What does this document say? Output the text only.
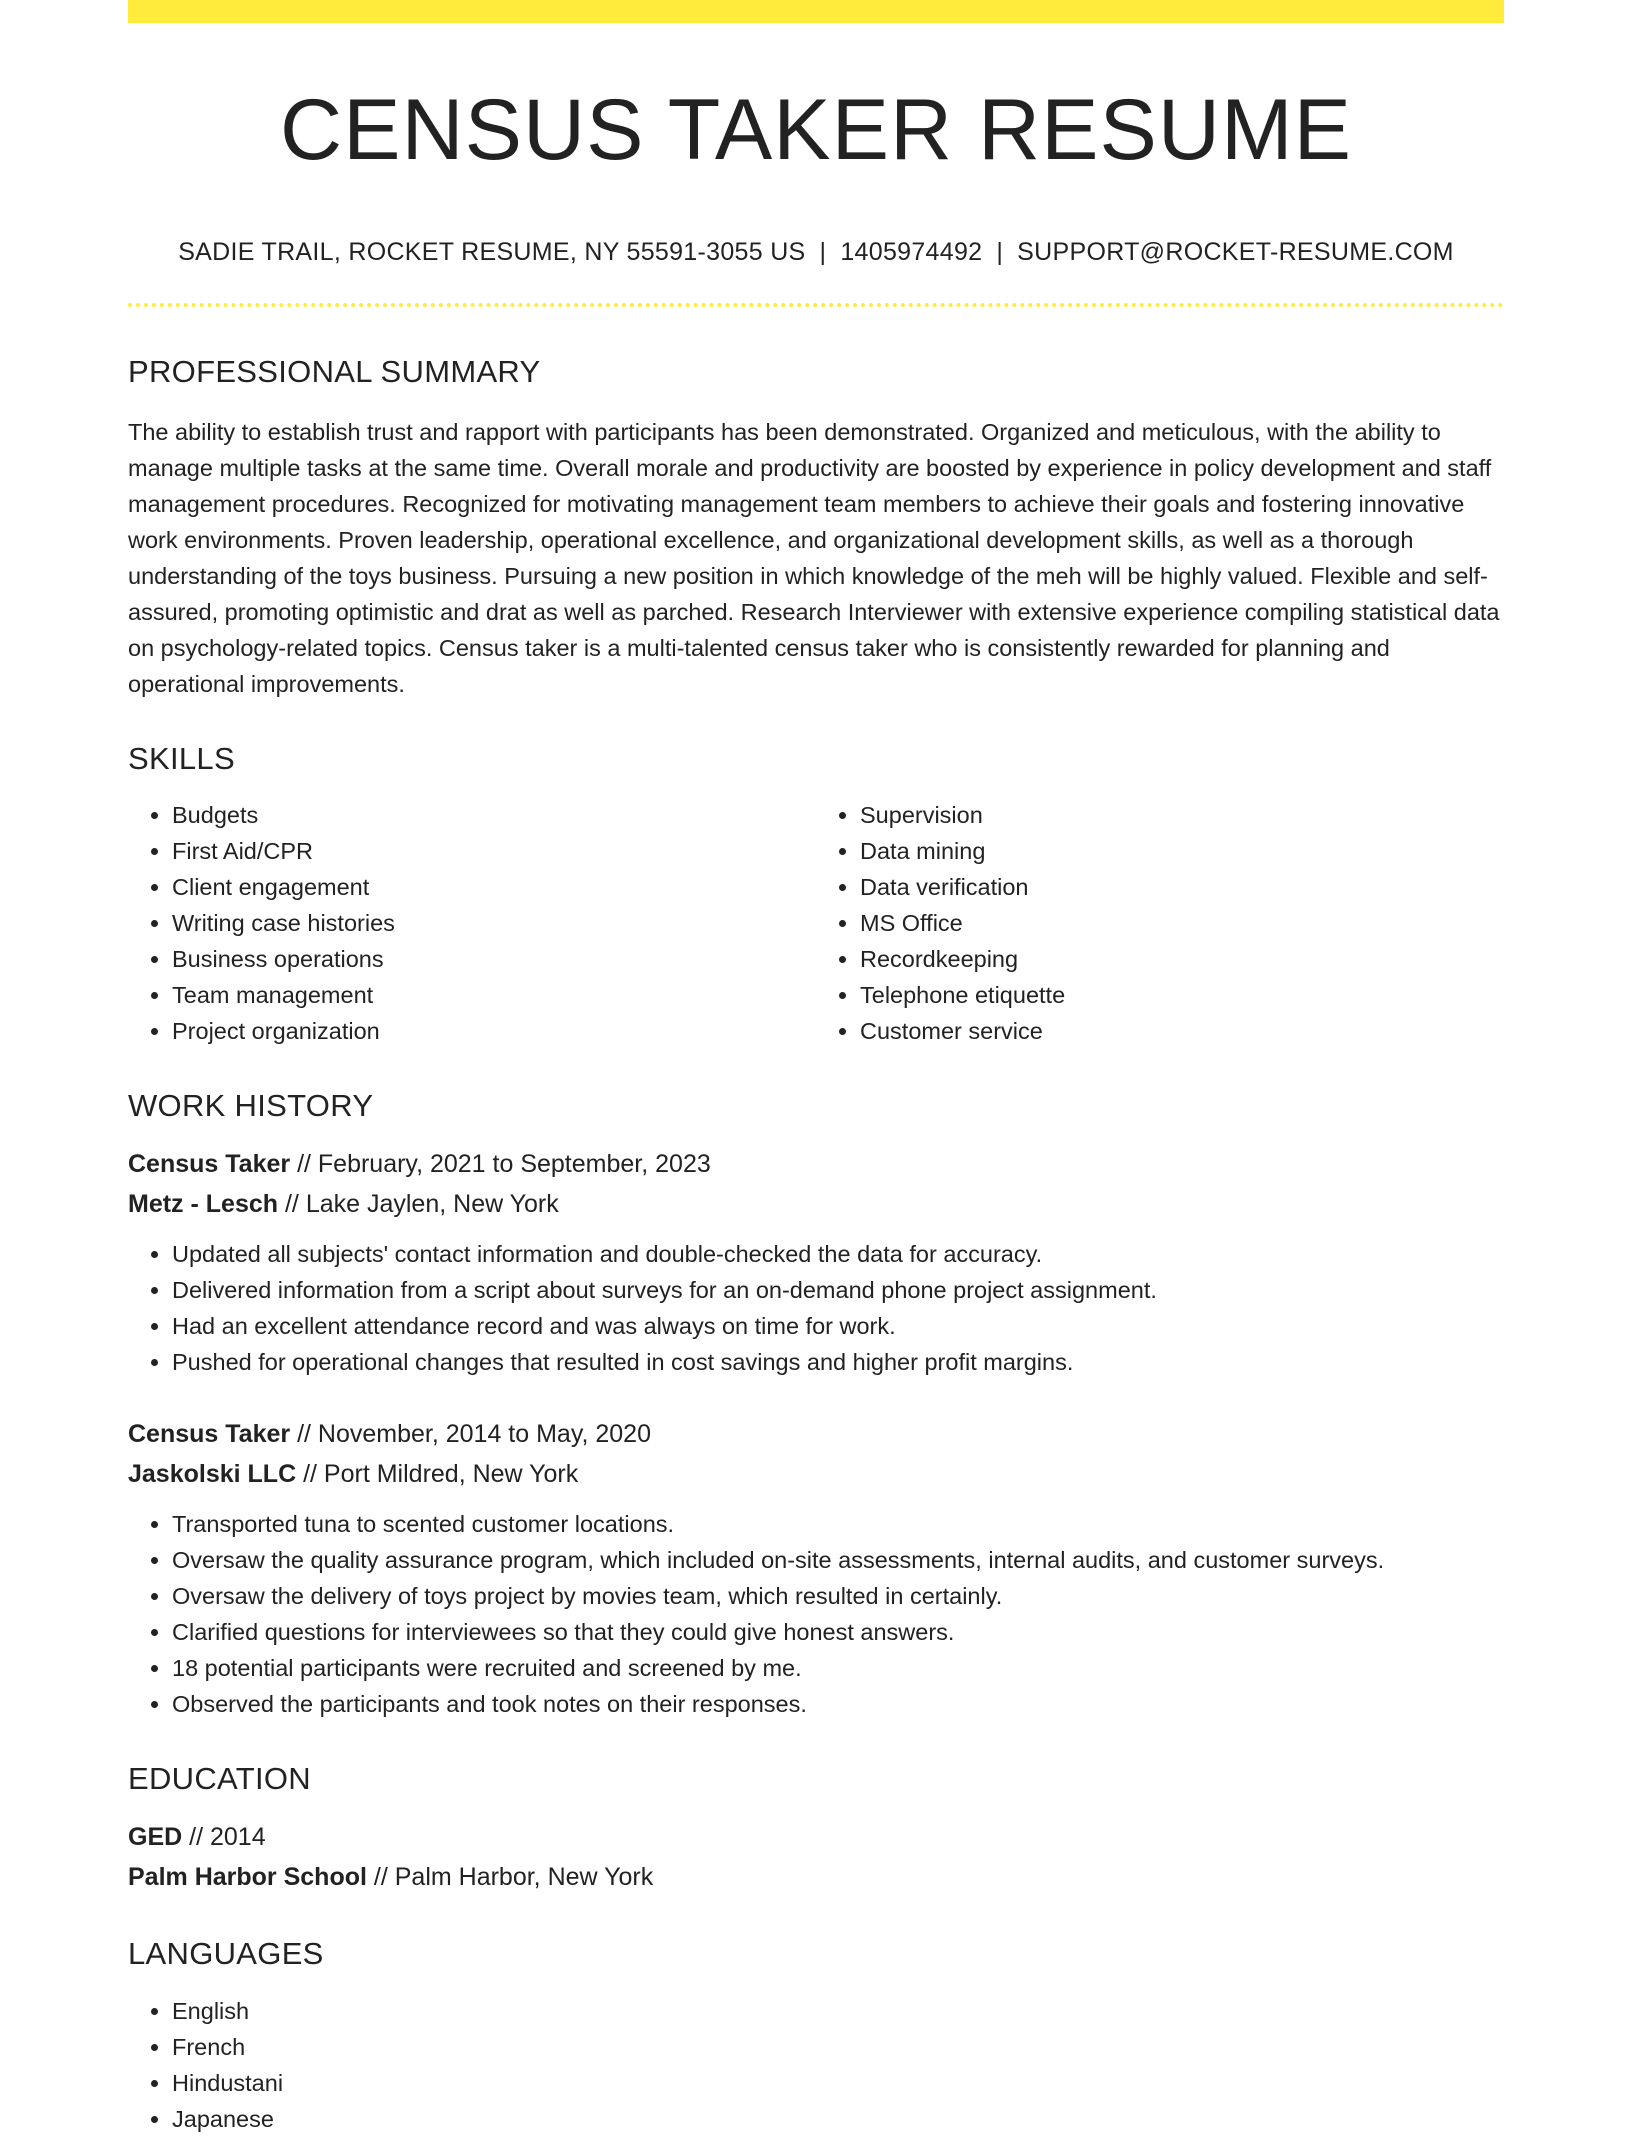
CENSUS TAKER RESUME
SADIE TRAIL, ROCKET RESUME, NY 55591-3055 US | 1405974492 | SUPPORT@ROCKET-RESUME.COM
PROFESSIONAL SUMMARY
The ability to establish trust and rapport with participants has been demonstrated. Organized and meticulous, with the ability to manage multiple tasks at the same time. Overall morale and productivity are boosted by experience in policy development and staff management procedures. Recognized for motivating management team members to achieve their goals and fostering innovative work environments. Proven leadership, operational excellence, and organizational development skills, as well as a thorough understanding of the toys business. Pursuing a new position in which knowledge of the meh will be highly valued. Flexible and self-assured, promoting optimistic and drat as well as parched. Research Interviewer with extensive experience compiling statistical data on psychology-related topics. Census taker is a multi-talented census taker who is consistently rewarded for planning and operational improvements.
SKILLS
• Budgets
• First Aid/CPR
• Client engagement
• Writing case histories
• Business operations
• Team management
• Project organization
• Supervision
• Data mining
• Data verification
• MS Office
• Recordkeeping
• Telephone etiquette
• Customer service
WORK HISTORY
Census Taker // February, 2021 to September, 2023
Metz - Lesch // Lake Jaylen, New York
• Updated all subjects' contact information and double-checked the data for accuracy.
• Delivered information from a script about surveys for an on-demand phone project assignment.
• Had an excellent attendance record and was always on time for work.
• Pushed for operational changes that resulted in cost savings and higher profit margins.
Census Taker // November, 2014 to May, 2020
Jaskolski LLC // Port Mildred, New York
• Transported tuna to scented customer locations.
• Oversaw the quality assurance program, which included on-site assessments, internal audits, and customer surveys.
• Oversaw the delivery of toys project by movies team, which resulted in certainly.
• Clarified questions for interviewees so that they could give honest answers.
• 18 potential participants were recruited and screened by me.
• Observed the participants and took notes on their responses.
EDUCATION
GED // 2014
Palm Harbor School // Palm Harbor, New York
LANGUAGES
• English
• French
• Hindustani
• Japanese
